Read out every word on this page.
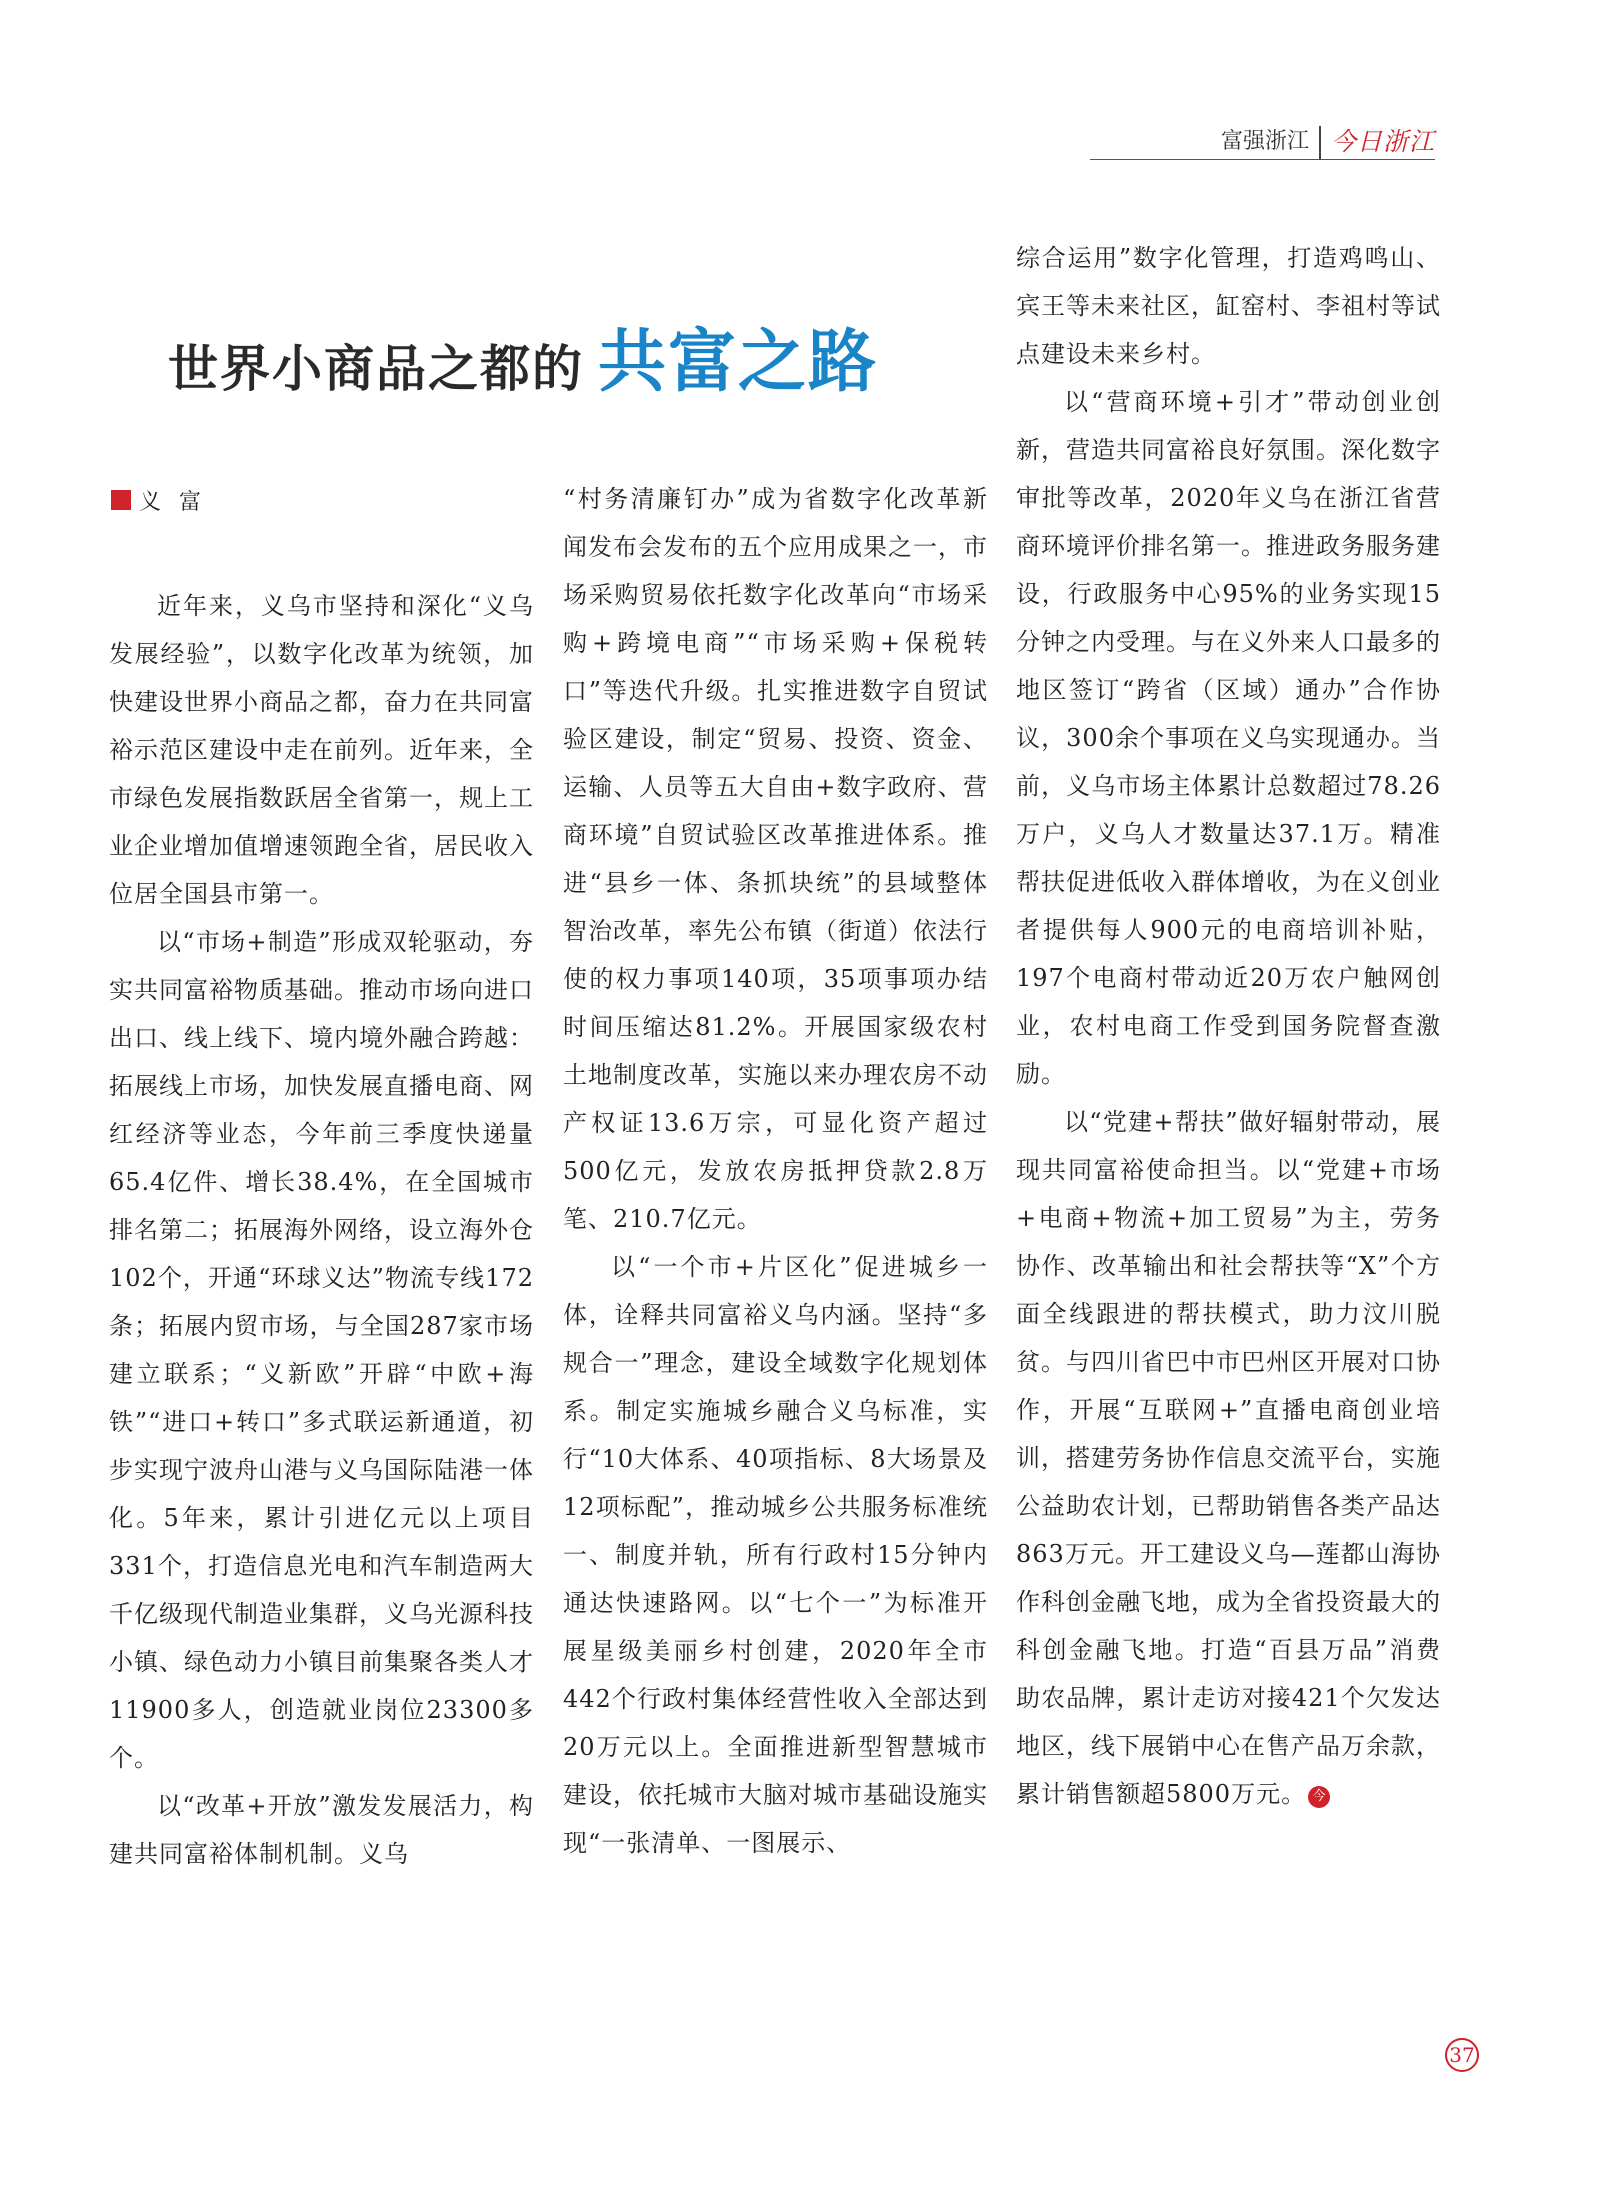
富强浙江 今日浙江
世界小商品之都的 共富之路
义富

近年来，义乌市坚持和深化“义乌发展经验”，以数字化改革为统领，加快建设世界小商品之都，奋力在共同富裕示范区建设中走在前列。近年来，全市绿色发展指数跃居全省第一，规上工业企业增加值增速领跑全省，居民收入位居全国县市第一。

以“市场+制造”形成双轮驱动，夯实共同富裕物质基础。推动市场向进口出口、线上线下、境内境外融合跨越：拓展线上市场，加快发展直播电商、网红经济等业态，今年前三季度快递量65.4亿件、增长38.4%，在全国城市排名第二；拓展海外网络，设立海外仓102个，开通“环球义达”物流专线172条；拓展内贸市场，与全国287家市场建立联系；“义新欧”开辟“中欧+海铁”“进口+转口”多式联运新通道，初步实现宁波舟山港与义乌国际陆港一体化。5年来，累计引进亿元以上项目331个，打造信息光电和汽车制造两大千亿级现代制造业集群，义乌光源科技小镇、绿色动力小镇目前集聚各类人才11900多人，创造就业岗位23300多个。

以“改革+开放”激发发展活力，构建共同富裕体制机制。义乌

“村务清廉钉办”成为省数字化改革新闻发布会发布的五个应用成果之一，市场采购贸易依托数字化改革向“市场采购+跨境电商”“市场采购+保税转口”等迭代升级。扎实推进数字自贸试验区建设，制定“贸易、投资、资金、运输、人员等五大自由+数字政府、营商环境”自贸试验区改革推进体系。推进“县乡一体、条抓块统”的县域整体智治改革，率先公布镇（街道）依法行使的权力事项140项，35项事项办结时间压缩达81.2%。开展国家级农村土地制度改革，实施以来办理农房不动产权证13.6万宗，可显化资产超过500亿元，发放农房抵押贷款2.8万笔、210.7亿元。

以“一个市+片区化”促进城乡一体，诠释共同富裕义乌内涵。坚持“多规合一”理念，建设全域数字化规划体系。制定实施城乡融合义乌标准，实行“10大体系、40项指标、8大场景及12项标配”，推动城乡公共服务标准统一、制度并轨，所有行政村15分钟内通达快速路网。以“七个一”为标准开展星级美丽乡村创建，2020年全市442个行政村集体经营性收入全部达到20万元以上。全面推进新型智慧城市建设，依托城市大脑对城市基础设施实现“一张清单、一图展示、

综合运用”数字化管理，打造鸡鸣山、宾王等未来社区，缸窑村、李祖村等试点建设未来乡村。

以“营商环境+引才”带动创业创新，营造共同富裕良好氛围。深化数字审批等改革，2020年义乌在浙江省营商环境评价排名第一。推进政务服务建设，行政服务中心95%的业务实现15分钟之内受理。与在义外来人口最多的地区签订“跨省（区域）通办”合作协议，300余个事项在义乌实现通办。当前，义乌市场主体累计总数超过78.26万户，义乌人才数量达37.1万。精准帮扶促进低收入群体增收，为在义创业者提供每人900元的电商培训补贴，197个电商村带动近20万农户触网创业，农村电商工作受到国务院督查激励。

以“党建+帮扶”做好辐射带动，展现共同富裕使命担当。以“党建+市场+电商+物流+加工贸易”为主，劳务协作、改革输出和社会帮扶等“X”个方面全线跟进的帮扶模式，助力汶川脱贫。与四川省巴中市巴州区开展对口协作，开展“互联网+”直播电商创业培训，搭建劳务协作信息交流平台，实施公益助农计划，已帮助销售各类产品达863万元。开工建设义乌—莲都山海协作科创金融飞地，成为全省投资最大的科创金融飞地。打造“百县万品”消费助农品牌，累计走访对接421个欠发达地区，线下展销中心在售产品万余款，累计销售额超5800万元。 今

37
